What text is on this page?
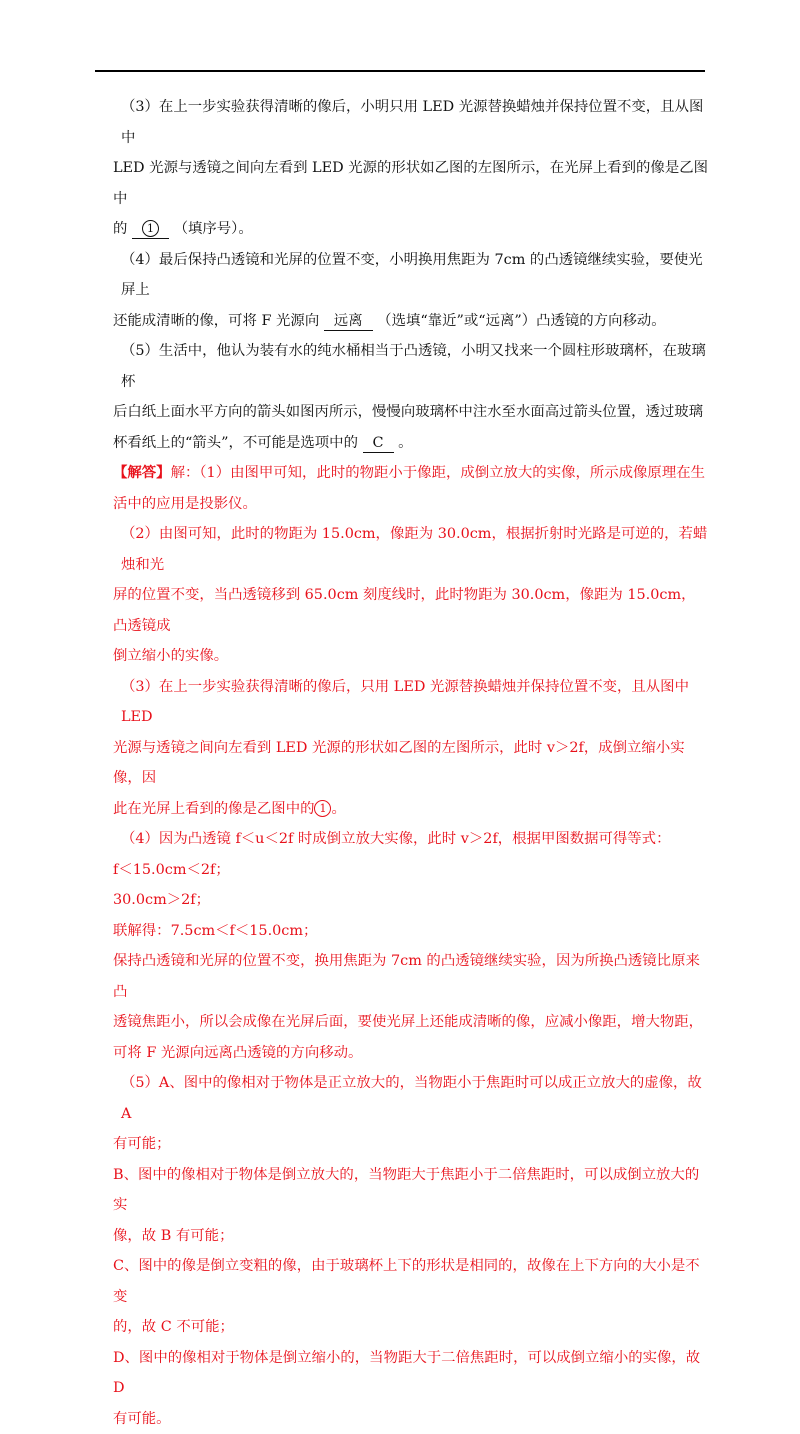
（3）在上一步实验获得清晰的像后，小明只用 LED 光源替换蜡烛并保持位置不变，且从图中

LED 光源与透镜之间向左看到 LED 光源的形状如乙图的左图所示，在光屏上看到的像是乙图中

的 1 （填序号）。

（4）最后保持凸透镜和光屏的位置不变，小明换用焦距为 7cm 的凸透镜继续实验，要使光屏上

还能成清晰的像，可将 F 光源向 远离 （选填“靠近”或“远离”）凸透镜的方向移动。

（5）生活中，他认为装有水的纯水桶相当于凸透镜，小明又找来一个圆柱形玻璃杯，在玻璃杯

后白纸上面水平方向的箭头如图丙所示，慢慢向玻璃杯中注水至水面高过箭头位置，透过玻璃

杯看纸上的“箭头”，不可能是选项中的 C 。

【解答】解：（1）由图甲可知，此时的物距小于像距，成倒立放大的实像，所示成像原理在生

活中的应用是投影仪。

（2）由图可知，此时的物距为 15.0cm，像距为 30.0cm，根据折射时光路是可逆的，若蜡烛和光

屏的位置不变，当凸透镜移到 65.0cm 刻度线时，此时物距为 30.0cm，像距为 15.0cm，凸透镜成

倒立缩小的实像。

（3）在上一步实验获得清晰的像后，只用 LED 光源替换蜡烛并保持位置不变，且从图中 LED

光源与透镜之间向左看到 LED 光源的形状如乙图的左图所示，此时 v＞2f，成倒立缩小实像，因

此在光屏上看到的像是乙图中的 1 。

（4）因为凸透镜 f＜u＜2f 时成倒立放大实像，此时 v＞2f，根据甲图数据可得等式：

f＜15.0cm＜2f；

30.0cm＞2f；

联解得：7.5cm＜f＜15.0cm；

保持凸透镜和光屏的位置不变，换用焦距为 7cm 的凸透镜继续实验，因为所换凸透镜比原来凸

透镜焦距小，所以会成像在光屏后面，要使光屏上还能成清晰的像，应减小像距，增大物距，

可将 F 光源向远离凸透镜的方向移动。

（5）A、图中的像相对于物体是正立放大的，当物距小于焦距时可以成正立放大的虚像，故 A

有可能；

B、图中的像相对于物体是倒立放大的，当物距大于焦距小于二倍焦距时，可以成倒立放大的实

像，故 B 有可能；

C、图中的像是倒立变粗的像，由于玻璃杯上下的形状是相同的，故像在上下方向的大小是不变

的，故 C 不可能；

D、图中的像相对于物体是倒立缩小的，当物距大于二倍焦距时，可以成倒立缩小的实像，故 D

有可能。
